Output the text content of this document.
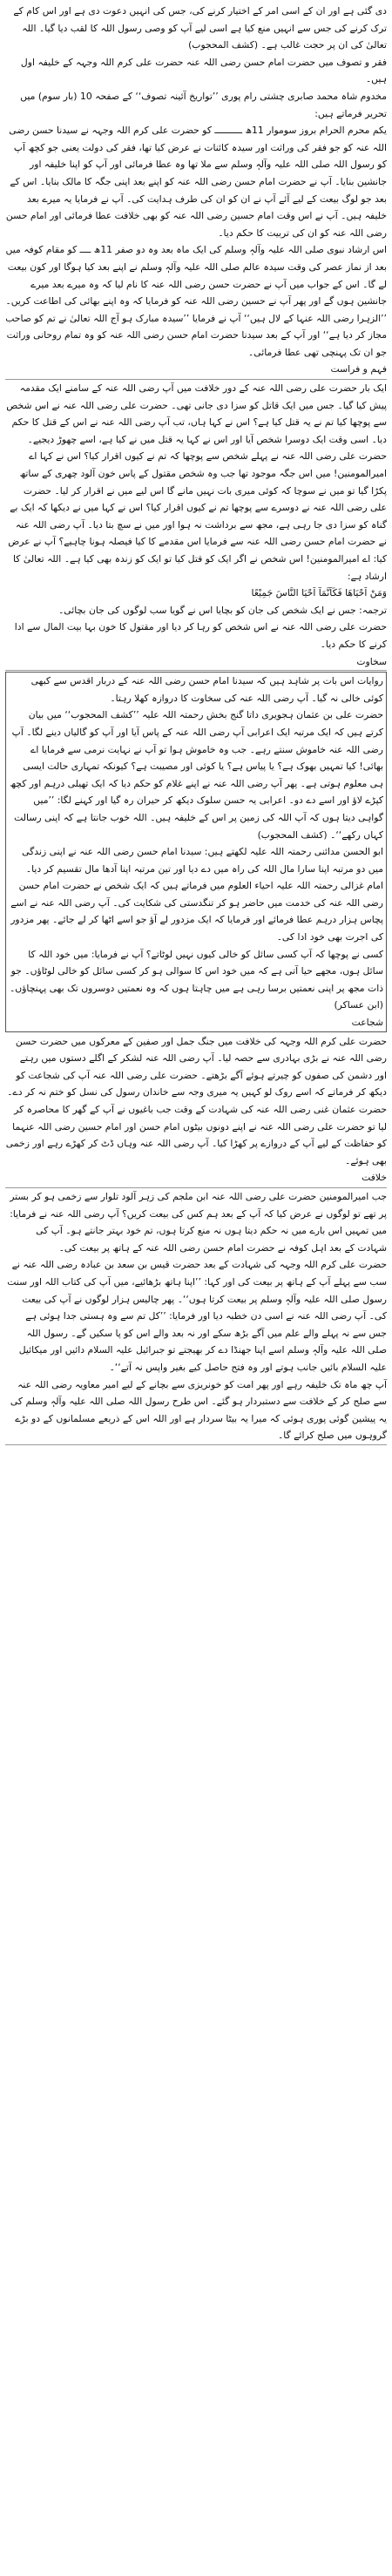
دی گئی ہے اور ان کے اسی امر کے اختیار کرنے کی، جس کی انہیں دعوت دی ہے اور اس کام کے ترک کرنے کی جس سے انہیں منع کیا ہے اسی لیے آپ کو وصی رسول اللہ کا لقب دیا گیا۔ اللہ تعالیٰ کی ان پر حجت غالب ہے۔ (کشف المحجوب)

فقر و تصوف میں حضرت امام حسن رضی اللہ عنہ حضرت علی کرم اللہ وجہہ کے خلیفہ اول ہیں۔

مخدوم شاہ محمد صابری چشتی رام پوری ’’تواریخ آئینہ تصوف‘‘ کے صفحہ 10 (بار سوم) میں تحریر فرماتے ہیں:

یکم محرم الحرام بروز سوموار 11ھ ــــــــــ کو حضرت علی کرم اللہ وجہہ نے سیدنا حسن رضی اللہ عنہ کو جو فقر کی وراثت اور سیدہ کائنات نے عرض کیا تھا، فقر کی دولت یعنی جو کچھ آپ کو رسول اللہ صلی اللہ علیہ وآلہٖ وسلم سے ملا تھا وہ عطا فرمائی اور آپ کو اپنا خلیفہ اور جانشین بنایا۔ آپ نے حضرت امام حسن رضی اللہ عنہ کو اپنے بعد اپنی جگہ کا مالک بنایا۔ اس کے بعد جو لوگ بیعت کے لیے آئے آپ نے ان کو ان کی طرف ہدایت کی۔ آپ نے فرمایا یہ میرے بعد خلیفہ ہیں۔ آپ نے اس وقت امام حسین رضی اللہ عنہ کو بھی خلافت عطا فرمائی اور امام حسن رضی اللہ عنہ کو ان کی تربیت کا حکم دیا۔

اس ارشاد نبوی صلی اللہ علیہ وآلہٖ وسلم کی ایک ماہ بعد وہ دو صفر 11ھ ــــ کو مقام کوفہ میں بعد از نماز عصر کی وقت سیدہ عالم صلی اللہ علیہ وآلہٖ وسلم نے اپنے بعد کیا ہوگا اور کون بیعت لے گا۔ اس کے جواب میں آپ نے حضرت حسن رضی اللہ عنہ کا نام لیا کہ وہ میرے بعد میرے جانشین ہوں گے اور پھر آپ نے حسین رضی اللہ عنہ کو فرمایا کہ وہ اپنے بھائی کی اطاعت کریں۔ ’’الزہرا رضی اللہ عنہا کے لال ہیں‘‘ آپ نے فرمایا ’’سیدہ مبارک ہو آج اللہ تعالیٰ نے تم کو صاحب مجاز کر دیا ہے‘‘ اور آپ کے بعد سیدنا حضرت امام حسن رضی اللہ عنہ کو وہ تمام روحانی وراثت جو ان تک پہنچی تھی عطا فرمائی۔

فہم و فراست

ایک بار حضرت علی رضی اللہ عنہ کے دور خلافت میں آپ رضی اللہ عنہ کے سامنے ایک مقدمہ پیش کیا گیا۔ جس میں ایک قاتل کو سزا دی جانی تھی۔ حضرت علی رضی اللہ عنہ نے اس شخص سے پوچھا کیا تم نے یہ قتل کیا ہے؟ اس نے کہا ہاں، تب آپ رضی اللہ عنہ نے اس کے قتل کا حکم دیا۔ اسی وقت ایک دوسرا شخص آیا اور اس نے کہا یہ قتل میں نے کیا ہے، اسے چھوڑ دیجیے۔ حضرت علی رضی اللہ عنہ نے پہلے شخص سے پوچھا کہ تم نے کیوں اقرار کیا؟ اس نے کہا اے امیرالمومنین! میں اس جگہ موجود تھا جب وہ شخص مقتول کے پاس خون آلود چھری کے ساتھ پکڑا گیا تو میں نے سوچا کہ کوئی میری بات نہیں مانے گا اس لیے میں نے اقرار کر لیا۔ حضرت علی رضی اللہ عنہ نے دوسرے سے پوچھا تم نے کیوں اقرار کیا؟ اس نے کہا میں نے دیکھا کہ ایک بے گناہ کو سزا دی جا رہی ہے، مجھ سے برداشت نہ ہوا اور میں نے سچ بتا دیا۔ آپ رضی اللہ عنہ نے حضرت امام حسن رضی اللہ عنہ سے فرمایا اس مقدمے کا کیا فیصلہ ہونا چاہیے؟ آپ نے عرض کیا: اے امیرالمومنین! اس شخص نے اگر ایک کو قتل کیا تو ایک کو زندہ بھی کیا ہے۔ اللہ تعالیٰ کا ارشاد ہے:

وَمَنْ اَحْیَاھَا فَکَاَنَّمَآ اَحْیَا النَّاسَ جَمِیْعًا

ترجمہ: جس نے ایک شخص کی جان کو بچایا اس نے گویا سب لوگوں کی جان بچائی۔

حضرت علی رضی اللہ عنہ نے اس شخص کو رہا کر دیا اور مقتول کا خون بہا بیت المال سے ادا کرنے کا حکم دیا۔

سخاوت

روایات اس بات پر شاہد ہیں کہ سیدنا امام حسن رضی اللہ عنہ کے دربار اقدس سے کبھی کوئی خالی نہ گیا۔ آپ رضی اللہ عنہ کی سخاوت کا دروازہ کھلا رہتا۔

حضرت علی بن عثمان ہجویری داتا گنج بخش رحمتہ اللہ علیہ ’’کشف المحجوب‘‘ میں بیان کرتے ہیں کہ ایک مرتبہ ایک اعرابی آپ رضی اللہ عنہ کے پاس آیا اور آپ کو گالیاں دینے لگا۔ آپ رضی اللہ عنہ خاموش سنتے رہے۔ جب وہ خاموش ہوا تو آپ نے نہایت نرمی سے فرمایا اے بھائی! کیا تمہیں بھوک ہے؟ یا پیاس ہے؟ یا کوئی اور مصیبت ہے؟ کیونکہ تمہاری حالت ایسی ہی معلوم ہوتی ہے۔ پھر آپ رضی اللہ عنہ نے اپنے غلام کو حکم دیا کہ ایک تھیلی درہم اور کچھ کپڑے لاؤ اور اسے دے دو۔ اعرابی یہ حسن سلوک دیکھ کر حیران رہ گیا اور کہنے لگا: ’’میں گواہی دیتا ہوں کہ آپ اللہ کی زمین پر اس کے خلیفہ ہیں۔ اللہ خوب جانتا ہے کہ اپنی رسالت کہاں رکھے‘‘۔ (کشف المحجوب)

ابو الحسن مدائنی رحمتہ اللہ علیہ لکھتے ہیں: سیدنا امام حسن رضی اللہ عنہ نے اپنی زندگی میں دو مرتبہ اپنا سارا مال اللہ کی راہ میں دے دیا اور تین مرتبہ اپنا آدھا مال تقسیم کر دیا۔

امام غزالی رحمتہ اللہ علیہ احیاء العلوم میں فرماتے ہیں کہ ایک شخص نے حضرت امام حسن رضی اللہ عنہ کی خدمت میں حاضر ہو کر تنگدستی کی شکایت کی۔ آپ رضی اللہ عنہ نے اسے پچاس ہزار درہم عطا فرمائے اور فرمایا کہ ایک مزدور لے آؤ جو اسے اٹھا کر لے جائے۔ پھر مزدور کی اجرت بھی خود ادا کی۔

کسی نے پوچھا کہ آپ کسی سائل کو خالی کیوں نہیں لوٹاتے؟ آپ نے فرمایا: میں خود اللہ کا سائل ہوں، مجھے حیا آتی ہے کہ میں خود اس کا سوالی ہو کر کسی سائل کو خالی لوٹاؤں۔ جو ذات مجھ پر اپنی نعمتیں برسا رہی ہے میں چاہتا ہوں کہ وہ نعمتیں دوسروں تک بھی پہنچاؤں۔ (ابن عساکر)

شجاعت

حضرت علی کرم اللہ وجہہ کی خلافت میں جنگ جمل اور صفین کے معرکوں میں حضرت حسن رضی اللہ عنہ نے بڑی بہادری سے حصہ لیا۔ آپ رضی اللہ عنہ لشکر کے اگلے دستوں میں رہتے اور دشمن کی صفوں کو چیرتے ہوئے آگے بڑھتے۔ حضرت علی رضی اللہ عنہ آپ کی شجاعت کو دیکھ کر فرماتے کہ اسے روک لو کہیں یہ میری وجہ سے خاندان رسول کی نسل کو ختم نہ کر دے۔

حضرت عثمان غنی رضی اللہ عنہ کی شہادت کے وقت جب باغیوں نے آپ کے گھر کا محاصرہ کر لیا تو حضرت علی رضی اللہ عنہ نے اپنے دونوں بیٹوں امام حسن اور امام حسین رضی اللہ عنہما کو حفاظت کے لیے آپ کے دروازے پر کھڑا کیا۔ آپ رضی اللہ عنہ وہاں ڈٹ کر کھڑے رہے اور زخمی بھی ہوئے۔

خلافت

جب امیرالمومنین حضرت علی رضی اللہ عنہ ابن ملجم کی زہر آلود تلوار سے زخمی ہو کر بستر پر تھے تو لوگوں نے عرض کیا کہ آپ کے بعد ہم کس کی بیعت کریں؟ آپ رضی اللہ عنہ نے فرمایا: میں تمہیں اس بارے میں نہ حکم دیتا ہوں نہ منع کرتا ہوں، تم خود بہتر جانتے ہو۔ آپ کی شہادت کے بعد اہل کوفہ نے حضرت امام حسن رضی اللہ عنہ کے ہاتھ پر بیعت کی۔

حضرت علی کرم اللہ وجہہ کی شہادت کے بعد حضرت قیس بن سعد بن عبادہ رضی اللہ عنہ نے سب سے پہلے آپ کے ہاتھ پر بیعت کی اور کہا: ’’اپنا ہاتھ بڑھائیے، میں آپ کی کتاب اللہ اور سنت رسول صلی اللہ علیہ وآلہٖ وسلم پر بیعت کرتا ہوں‘‘۔ پھر چالیس ہزار لوگوں نے آپ کی بیعت کی۔ آپ رضی اللہ عنہ نے اسی دن خطبہ دیا اور فرمایا: ’’کل تم سے وہ ہستی جدا ہوئی ہے جس سے نہ پہلے والے علم میں آگے بڑھ سکے اور نہ بعد والے اس کو پا سکیں گے۔ رسول اللہ صلی اللہ علیہ وآلہٖ وسلم اسے اپنا جھنڈا دے کر بھیجتے تو جبرائیل علیہ السلام دائیں اور میکائیل علیہ السلام بائیں جانب ہوتے اور وہ فتح حاصل کیے بغیر واپس نہ آتے‘‘۔

آپ چھ ماہ تک خلیفہ رہے اور پھر امت کو خونریزی سے بچانے کے لیے امیر معاویہ رضی اللہ عنہ سے صلح کر کے خلافت سے دستبردار ہو گئے۔ اس طرح رسول اللہ صلی اللہ علیہ وآلہٖ وسلم کی یہ پیشین گوئی پوری ہوئی کہ میرا یہ بیٹا سردار ہے اور اللہ اس کے ذریعے مسلمانوں کے دو بڑے گروہوں میں صلح کرائے گا۔
